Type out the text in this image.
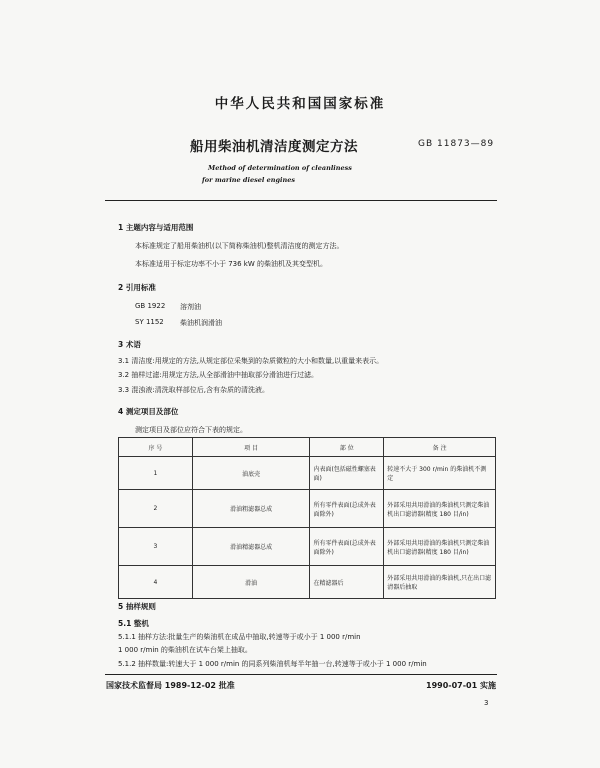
中华人民共和国国家标准
船用柴油机清洁度测定方法	GB 11873—89
Method of determination of cleanliness
for marine diesel engines
1 主题内容与适用范围
本标准规定了船用柴油机(以下简称柴油机)整机清洁度的测定方法。
本标准适用于标定功率不小于 736 kW 的柴油机及其变型机。
2 引用标准
GB 1922 溶剂油
SY 1152 柴油机润滑油
3 术语
3.1 清洁度:用规定的方法,从规定部位采集到的杂质微粒的大小和数量,以重量来表示。
3.2 抽样过滤:用规定方法,从全部滑油中抽取部分滑油进行过滤。
3.3 混浊液:清洗取样部位后,含有杂质的清洗液。
4 测定项目及部位
测定项目及部位应符合下表的规定。
序 号	项 目	部 位	备 注
1	油底壳	内表面(包括磁性螺塞表面)	转速不大于 300 r/min 的柴油机不测定
2	滑油粗滤器总成	所有零件表面(总成外表面除外)	外部采用共用滑油的柴油机只测定柴油机出口滤清器(精度 180 目/in)
3	滑油精滤器总成	所有零件表面(总成外表面除外)	外部采用共用滑油的柴油机只测定柴油机出口滤清器(精度 180 目/in)
4	滑油	在精滤器后	外部采用共用滑油的柴油机,只在出口滤清器后抽取
5 抽样规则
5.1 整机
5.1.1 抽样方法:批量生产的柴油机在成品中抽取,转速等于或小于 1 000 r/min
1 000 r/min 的柴油机在试车台架上抽取。
5.1.2 抽样数量:转速大于 1 000 r/min 的同系列柴油机每半年抽一台,转速等于或小于 1 000 r/min
国家技术监督局 1989-12-02 批准	1990-07-01 实施
3
